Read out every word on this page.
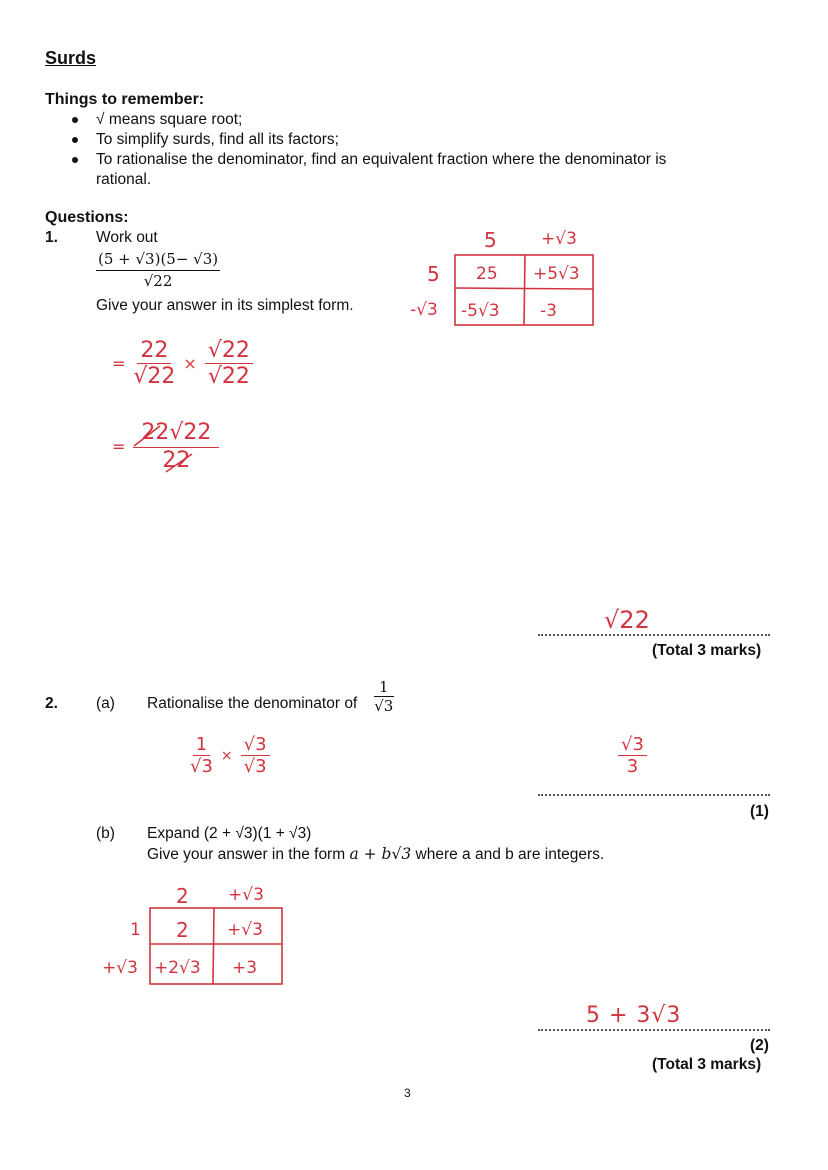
Surds
Things to remember:
√ means square root;
To simplify surds, find all its factors;
To rationalise the denominator, find an equivalent fraction where the denominator is
rational.
Questions:
1. Work out
$\frac{(5 + √3)(5- √3)}{√22}$
Give your answer in its simplest form.
5	+√3
5
-√3
25 +5√3
-5√3 -3
= $\frac{22}{√22} \times \frac{√22}{√22}$
= $\frac{22√22}{22}$
√22
(Total 3 marks)
2. (a) Rationalise the denominator of $\frac{1}{√3}$
$\frac{1}{√3} \times \frac{√3}{√3}$	$\frac{√3}{3}$
(1)
(b) Expand (2 + √3)(1 + √3)
Give your answer in the form a + b√3 where a and b are integers.
2 +√3
1
+√3
2 +√3
+2√3 +3
5 + 3√3
(2)
(Total 3 marks)
3
